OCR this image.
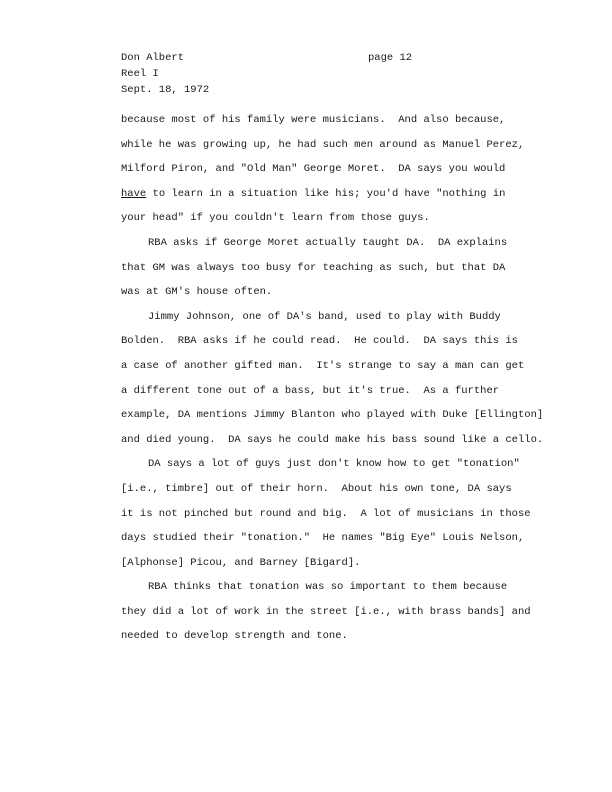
Don Albert
Reel I
Sept. 18, 1972
page 12
because most of his family were musicians.  And also because,
while he was growing up, he had such men around as Manuel Perez,
Milford Piron, and "Old Man" George Moret.  DA says you would
have to learn in a situation like his; you'd have "nothing in
your head" if you couldn't learn from those guys.
RBA asks if George Moret actually taught DA.  DA explains
that GM was always too busy for teaching as such, but that DA
was at GM's house often.
Jimmy Johnson, one of DA's band, used to play with Buddy
Bolden.  RBA asks if he could read.  He could.  DA says this is
a case of another gifted man.  It's strange to say a man can get
a different tone out of a bass, but it's true.  As a further
example, DA mentions Jimmy Blanton who played with Duke [Ellington]
and died young.  DA says he could make his bass sound like a cello.
DA says a lot of guys just don't know how to get "tonation"
[i.e., timbre] out of their horn.  About his own tone, DA says
it is not pinched but round and big.  A lot of musicians in those
days studied their "tonation."  He names "Big Eye" Louis Nelson,
[Alphonse] Picou, and Barney [Bigard].
RBA thinks that tonation was so important to them because
they did a lot of work in the street [i.e., with brass bands] and
needed to develop strength and tone.
